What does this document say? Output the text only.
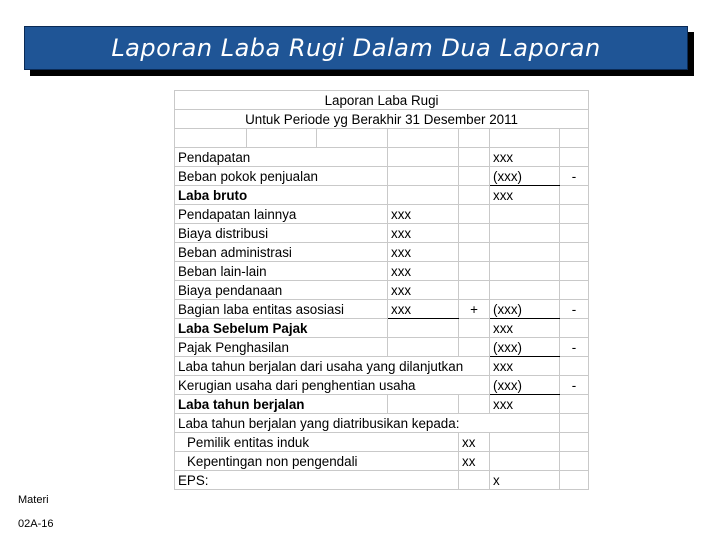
Laporan Laba Rugi Dalam Dua Laporan
Laporan Laba Rugi						
Untuk Periode yg Berakhir 31 Desember 2011						

Pendapatan					xxx	
Beban pokok penjualan					(xxx)	-
Laba bruto					xxx	
Pendapatan lainnya			xxx			
Biaya distribusi			xxx			
Beban administrasi			xxx			
Beban lain-lain			xxx			
Biaya pendanaan			xxx			
Bagian laba entitas asosiasi			xxx	+	(xxx)	-
Laba Sebelum Pajak					xxx	
Pajak Penghasilan					(xxx)	-
Laba tahun berjalan dari usaha yang dilanjutkan					xxx	
Kerugian usaha dari penghentian usaha					(xxx)	-
Laba tahun berjalan					xxx	
Laba tahun berjalan yang diatribusikan kepada:						
Pemilik entitas induk				xx		
Kepentingan non pengendali				xx		
EPS:					x	
Materi
02A-16
